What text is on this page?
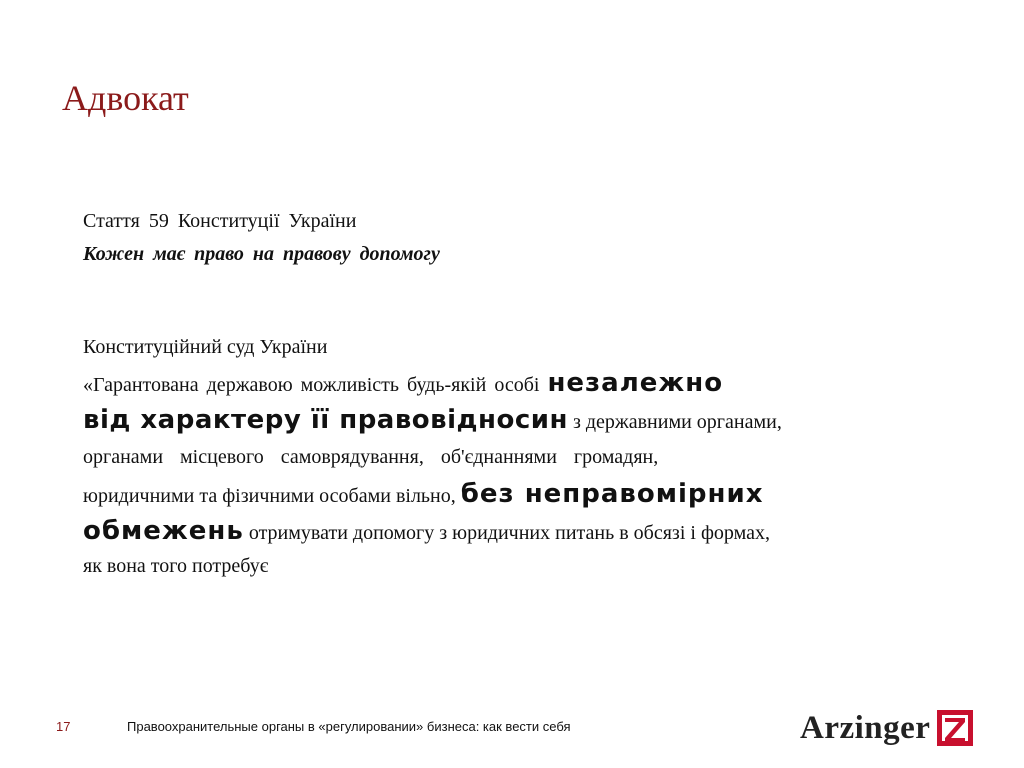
Адвокат
Стаття 59 Конституції України
Кожен має право на правову допомогу
Конституційний суд України
«Гарантована державою можливість будь-якій особі незалежно
від характеру її правовідносин з державними органами,
органами місцевого самоврядування, об'єднаннями громадян,
юридичними та фізичними особами вільно, без неправомірних
обмежень отримувати допомогу з юридичних питань в обсязі і формах,
як вона того потребує
17	Правоохранительные органы в «регулировании» бизнеса: как вести себя	Arzinger
